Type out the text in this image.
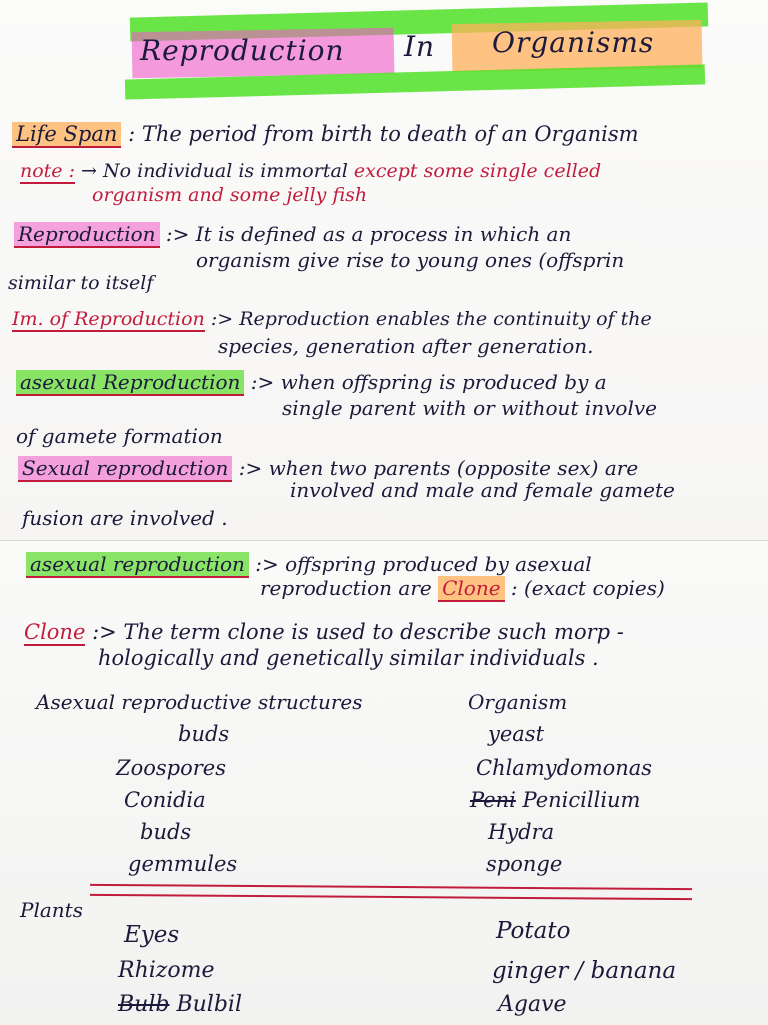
Reproduction In Organisms
Life Span : The period from birth to death of an Organism
note : → No individual is immortal except some single celled
organism and some jelly fish
Reproduction :> It is defined as a process in which an
organism give rise to young ones (offsprin
similar to itself
Im. of Reproduction :> Reproduction enables the continuity of the
species, generation after generation.
asexual Reproduction :> when offspring is produced by a
single parent with or without involve
of gamete formation
Sexual reproduction :> when two parents (opposite sex) are
involved and male and female gamete
fusion are involved .
asexual reproduction :> offspring produced by asexual
reproduction are Clone : (exact copies)
Clone :> The term clone is used to describe such morp -
hologically and genetically similar individuals .
Asexual reproductive structures	Organism
buds	yeast
Zoospores	Chlamydomonas
Conidia	Peni Penicillium
buds	Hydra
gemmules	sponge
Plants
Eyes	Potato
Rhizome	ginger / banana
Bulb Bulbil	Agave
